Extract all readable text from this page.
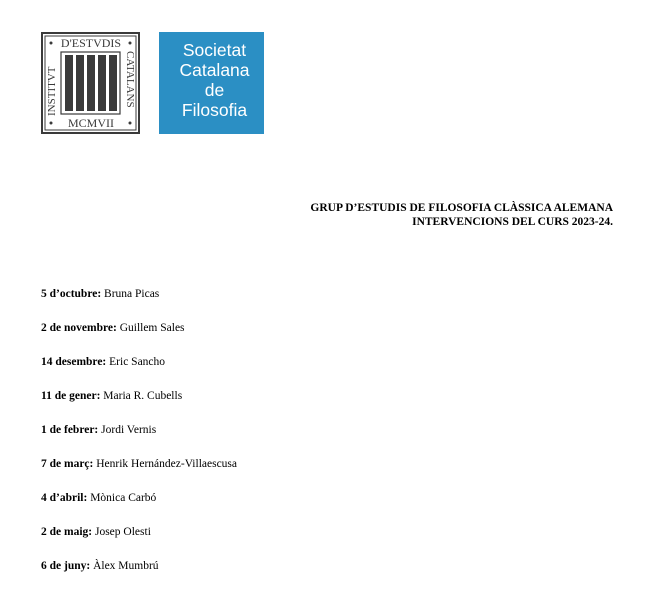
D'ESTVDIS
MCMVII
INSTITVT	CATALANS
Societat
Catalana
de
Filosofia
GRUP D’ESTUDIS DE FILOSOFIA CLÀSSICA ALEMANA
INTERVENCIONS DEL CURS 2023-24.
5 d’octubre: Bruna Picas
2 de novembre: Guillem Sales
14 desembre: Eric Sancho
11 de gener: Maria R. Cubells
1 de febrer: Jordi Vernis
7 de març: Henrik Hernández-Villaescusa
4 d’abril: Mònica Carbó
2 de maig: Josep Olesti
6 de juny: Àlex Mumbrú
